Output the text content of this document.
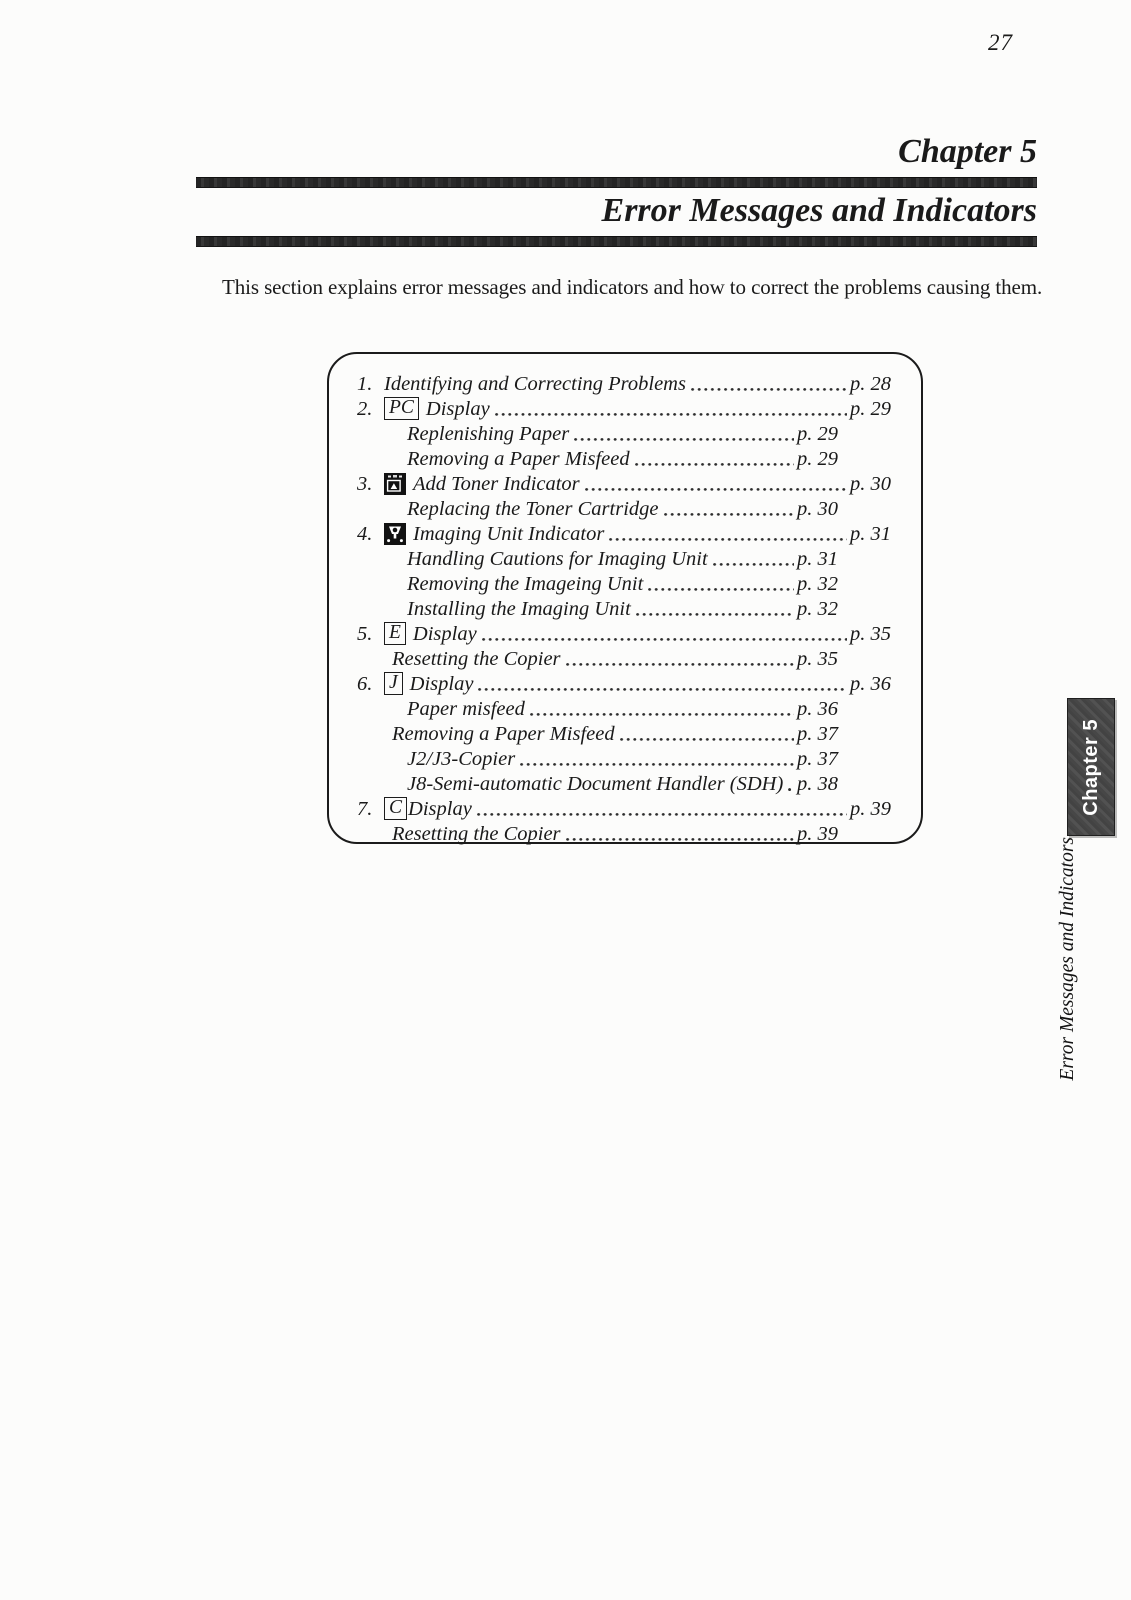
27
Chapter 5
Error Messages and Indicators
This section explains error messages and indicators and how to correct the problems causing them.
1. Identifying and Correcting Problems	p. 28
2. PC Display	p. 29
Replenishing Paper	p. 29
Removing a Paper Misfeed	p. 29
3.	Add Toner Indicator	p. 30
Replacing the Toner Cartridge	p. 30
4.	Imaging Unit Indicator	p. 31
Handling Cautions for Imaging Unit	p. 31
Removing the Imageing Unit	p. 32
Installing the Imaging Unit	p. 32
5. E Display	p. 35
Resetting the Copier	p. 35
6. J Display	p. 36
Paper misfeed	p. 36
Removing a Paper Misfeed	p. 37
J2/J3-Copier	p. 37
J8-Semi-automatic Document Handler (SDH) p. 38
7. C Display	p. 39
Resetting the Copier	p. 39
Chapter 5
Error Messages and Indicators
